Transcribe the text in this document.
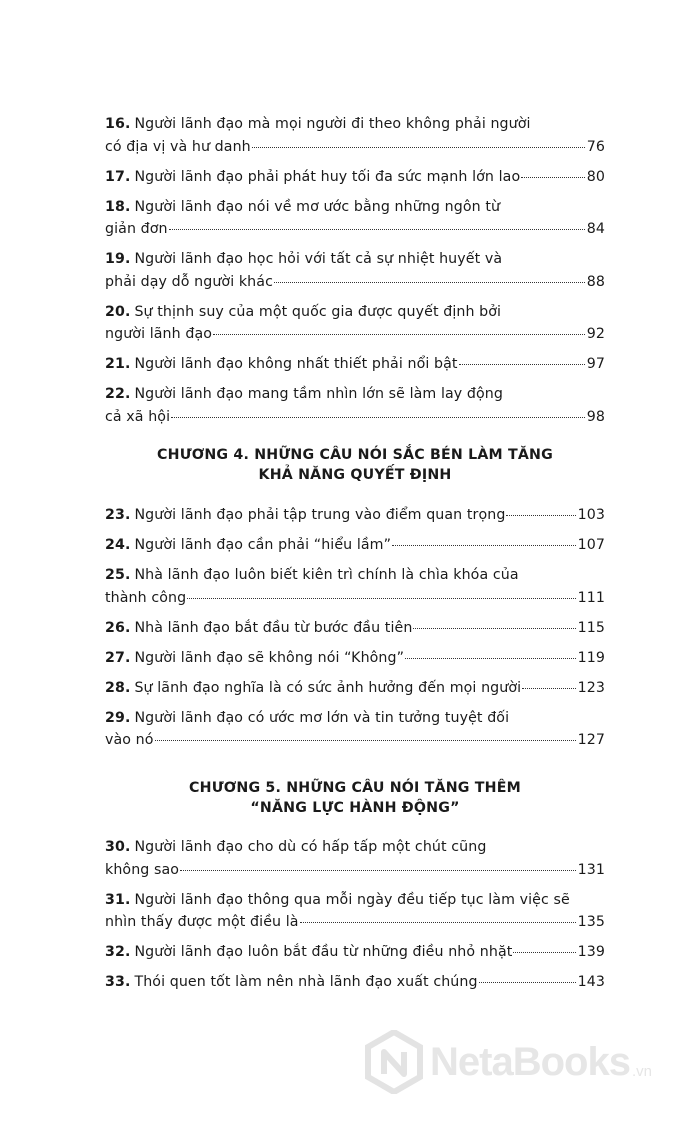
16. Người lãnh đạo mà mọi người đi theo không phải người
có địa vị và hư danh	76
17. Người lãnh đạo phải phát huy tối đa sức mạnh lớn lao	80
18. Người lãnh đạo nói về mơ ước bằng những ngôn từ
giản đơn	84
19. Người lãnh đạo học hỏi với tất cả sự nhiệt huyết và
phải dạy dỗ người khác	88
20. Sự thịnh suy của một quốc gia được quyết định bởi
người lãnh đạo	92
21. Người lãnh đạo không nhất thiết phải nổi bật	97
22. Người lãnh đạo mang tầm nhìn lớn sẽ làm lay động
cả xã hội	98
CHƯƠNG 4. NHỮNG CÂU NÓI SẮC BÉN LÀM TĂNG
KHẢ NĂNG QUYẾT ĐỊNH
23. Người lãnh đạo phải tập trung vào điểm quan trọng	103
24. Người lãnh đạo cần phải “hiểu lầm”	107
25. Nhà lãnh đạo luôn biết kiên trì chính là chìa khóa của
thành công	111
26. Nhà lãnh đạo bắt đầu từ bước đầu tiên	115
27. Người lãnh đạo sẽ không nói “Không”	119
28. Sự lãnh đạo nghĩa là có sức ảnh hưởng đến mọi người	123
29. Người lãnh đạo có ước mơ lớn và tin tưởng tuyệt đối
vào nó	127
CHƯƠNG 5. NHỮNG CÂU NÓI TĂNG THÊM
“NĂNG LỰC HÀNH ĐỘNG”
30. Người lãnh đạo cho dù có hấp tấp một chút cũng
không sao	131
31. Người lãnh đạo thông qua mỗi ngày đều tiếp tục làm việc sẽ
nhìn thấy được một điều là	135
32. Người lãnh đạo luôn bắt đầu từ những điều nhỏ nhặt	139
33. Thói quen tốt làm nên nhà lãnh đạo xuất chúng	143
NetaBooks .vn
